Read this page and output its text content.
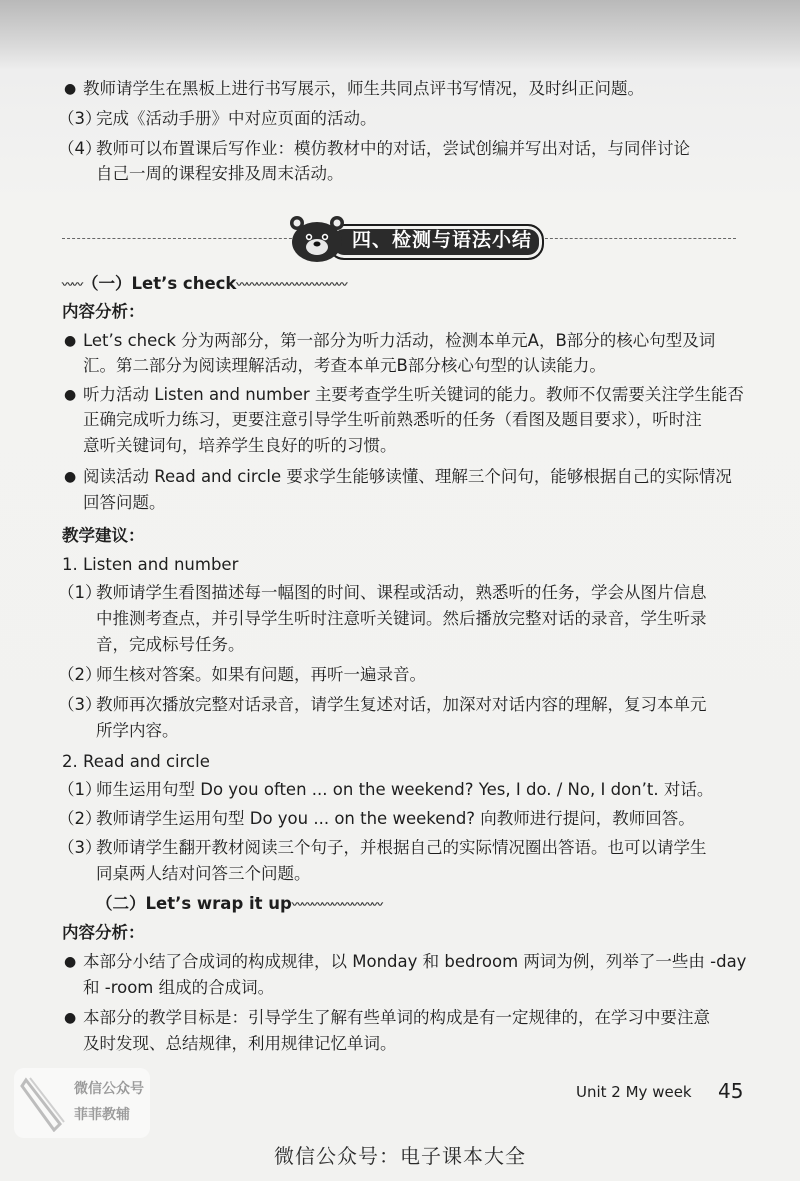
● 教师请学生在黑板上进行书写展示，师生共同点评书写情况，及时纠正问题。
（3）
完成《活动手册》中对应页面的活动。
（4）
教师可以布置课后写作业：模仿教材中的对话，尝试创编并写出对话，与同伴讨论
自己一周的课程安排及周末活动。
四、检测与语法小结
〰〰（一）Let’s check〰〰〰〰〰〰〰〰〰〰〰
内容分析：
● Let’s check 分为两部分，第一部分为听力活动，检测本单元A，B部分的核心句型及词
汇。第二部分为阅读理解活动，考查本单元B部分核心句型的认读能力。
● 听力活动 Listen and number 主要考查学生听关键词的能力。教师不仅需要关注学生能否
正确完成听力练习，更要注意引导学生听前熟悉听的任务（看图及题目要求），听时注
意听关键词句，培养学生良好的听的习惯。
● 阅读活动 Read and circle 要求学生能够读懂、理解三个问句，能够根据自己的实际情况
回答问题。
教学建议：
1. Listen and number
（1）
教师请学生看图描述每一幅图的时间、课程或活动，熟悉听的任务，学会从图片信息
中推测考查点，并引导学生听时注意听关键词。然后播放完整对话的录音，学生听录
音，完成标号任务。
（2）
师生核对答案。如果有问题，再听一遍录音。
（3）
教师再次播放完整对话录音，请学生复述对话，加深对对话内容的理解，复习本单元
所学内容。
2. Read and circle
（1）
师生运用句型 Do you often ... on the weekend? Yes, I do. / No, I don’t. 对话。
（2）
教师请学生运用句型 Do you ... on the weekend? 向教师进行提问，教师回答。
（3）
教师请学生翻开教材阅读三个句子，并根据自己的实际情况圈出答语。也可以请学生
同桌两人结对问答三个问题。
（二）Let’s wrap it up〰〰〰〰〰〰〰〰〰
内容分析：
● 本部分小结了合成词的构成规律，以 Monday 和 bedroom 两词为例，列举了一些由 -day
和 -room 组成的合成词。
● 本部分的教学目标是：引导学生了解有些单词的构成是有一定规律的，在学习中要注意
及时发现、总结规律，利用规律记忆单词。
微信公众号
菲菲教辅
Unit 2 My week 45
微信公众号：电子课本大全
